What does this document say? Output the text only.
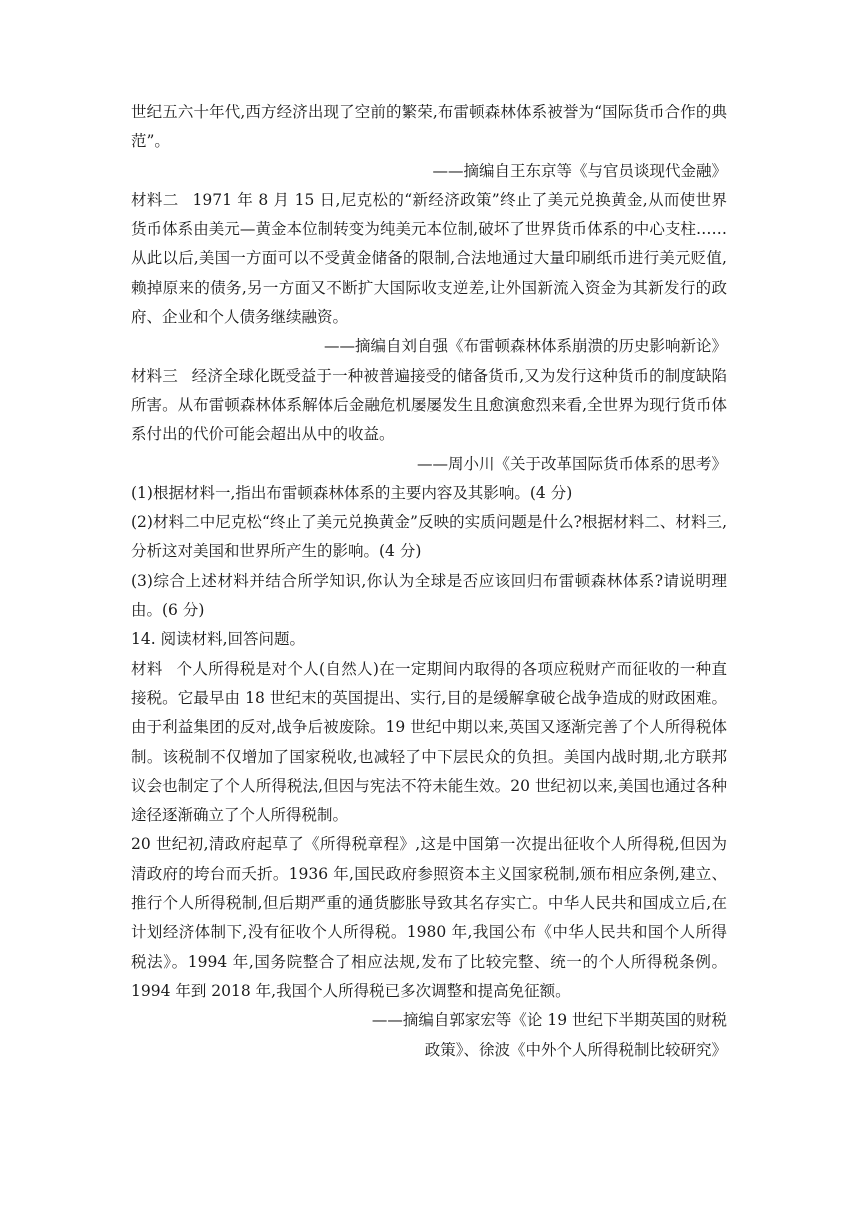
世纪五六十年代,西方经济出现了空前的繁荣,布雷顿森林体系被誉为“国际货币合作的典范”。

——摘编自王东京等《与官员谈现代金融》

材料二 1971 年 8 月 15 日,尼克松的“新经济政策”终止了美元兑换黄金,从而使世界货币体系由美元—黄金本位制转变为纯美元本位制,破坏了世界货币体系的中心支柱……从此以后,美国一方面可以不受黄金储备的限制,合法地通过大量印刷纸币进行美元贬值,赖掉原来的债务,另一方面又不断扩大国际收支逆差,让外国新流入资金为其新发行的政府、企业和个人债务继续融资。

——摘编自刘自强《布雷顿森林体系崩溃的历史影响新论》

材料三 经济全球化既受益于一种被普遍接受的储备货币,又为发行这种货币的制度缺陷所害。从布雷顿森林体系解体后金融危机屡屡发生且愈演愈烈来看,全世界为现行货币体系付出的代价可能会超出从中的收益。

——周小川《关于改革国际货币体系的思考》

(1)根据材料一,指出布雷顿森林体系的主要内容及其影响。(4 分)

(2)材料二中尼克松“终止了美元兑换黄金”反映的实质问题是什么?根据材料二、材料三,分析这对美国和世界所产生的影响。(4 分)

(3)综合上述材料并结合所学知识,你认为全球是否应该回归布雷顿森林体系?请说明理由。(6 分)

14. 阅读材料,回答问题。

材料 个人所得税是对个人(自然人)在一定期间内取得的各项应税财产而征收的一种直接税。它最早由 18 世纪末的英国提出、实行,目的是缓解拿破仑战争造成的财政困难。由于利益集团的反对,战争后被废除。19 世纪中期以来,英国又逐渐完善了个人所得税体制。该税制不仅增加了国家税收,也减轻了中下层民众的负担。美国内战时期,北方联邦议会也制定了个人所得税法,但因与宪法不符未能生效。20 世纪初以来,美国也通过各种途径逐渐确立了个人所得税制。

20 世纪初,清政府起草了《所得税章程》,这是中国第一次提出征收个人所得税,但因为清政府的垮台而夭折。1936 年,国民政府参照资本主义国家税制,颁布相应条例,建立、推行个人所得税制,但后期严重的通货膨胀导致其名存实亡。中华人民共和国成立后,在计划经济体制下,没有征收个人所得税。1980 年,我国公布《中华人民共和国个人所得税法》。1994 年,国务院整合了相应法规,发布了比较完整、统一的个人所得税条例。1994 年到 2018 年,我国个人所得税已多次调整和提高免征额。

——摘编自郭家宏等《论 19 世纪下半期英国的财税

政策》、徐波《中外个人所得税制比较研究》
